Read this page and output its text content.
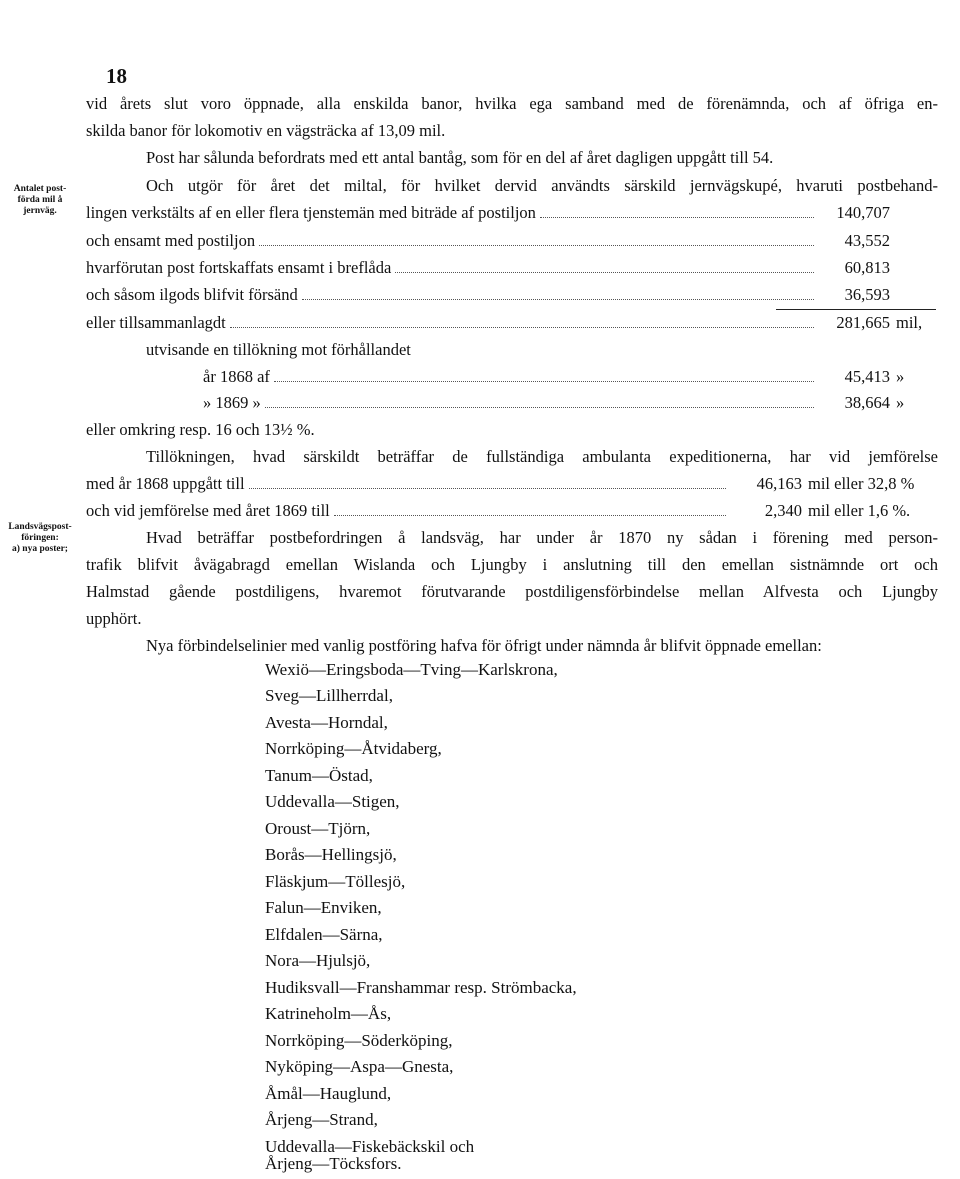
18
Antalet post-
förda mil å
jernväg.
Landsvägspost-
föringen:
a) nya poster;
vid årets slut voro öppnade, alla enskilda banor, hvilka ega samband med de förenämnda, och af öfriga en-
skilda banor för lokomotiv en vägsträcka af 13,09 mil.
Post har sålunda befordrats med ett antal bantåg, som för en del af året dagligen uppgått till 54.
Och utgör för året det miltal, för hvilket dervid användts särskild jernvägskupé, hvaruti postbehand-
lingen verkstälts af en eller flera tjenstemän med biträde af postiljon	140,707
och ensamt med postiljon	43,552
hvarförutan post fortskaffats ensamt i breflåda	60,813
och såsom ilgods blifvit försänd	36,593
eller tillsammanlagdt	281,665 mil,
utvisande en tillökning mot förhållandet
år 1868 af	45,413 »
» 1869 »	38,664 »
eller omkring resp. 16 och 13½ %.
Tillökningen, hvad särskildt beträffar de fullständiga ambulanta expeditionerna, har vid jemförelse
med år 1868 uppgått till	46,163 mil eller 32,8 %
och vid jemförelse med året 1869 till	2,340 mil eller 1,6 %.
Hvad beträffar postbefordringen å landsväg, har under år 1870 ny sådan i förening med person-
trafik blifvit åvägabragd emellan Wislanda och Ljungby i anslutning till den emellan sistnämnde ort och
Halmstad gående postdiligens, hvaremot förutvarande postdiligensförbindelse mellan Alfvesta och Ljungby
upphört.
Nya förbindelselinier med vanlig postföring hafva för öfrigt under nämnda år blifvit öppnade emellan:
Wexiö—Eringsboda—Tving—Karlskrona,
Sveg—Lillherrdal,
Avesta—Horndal,
Norrköping—Åtvidaberg,
Tanum—Östad,
Uddevalla—Stigen,
Oroust—Tjörn,
Borås—Hellingsjö,
Fläskjum—Töllesjö,
Falun—Enviken,
Elfdalen—Särna,
Nora—Hjulsjö,
Hudiksvall—Franshammar resp. Strömbacka,
Katrineholm—Ås,
Norrköping—Söderköping,
Nyköping—Aspa—Gnesta,
Åmål—Hauglund,
Årjeng—Strand,
Uddevalla—Fiskebäckskil och
Årjeng—Töcksfors.
